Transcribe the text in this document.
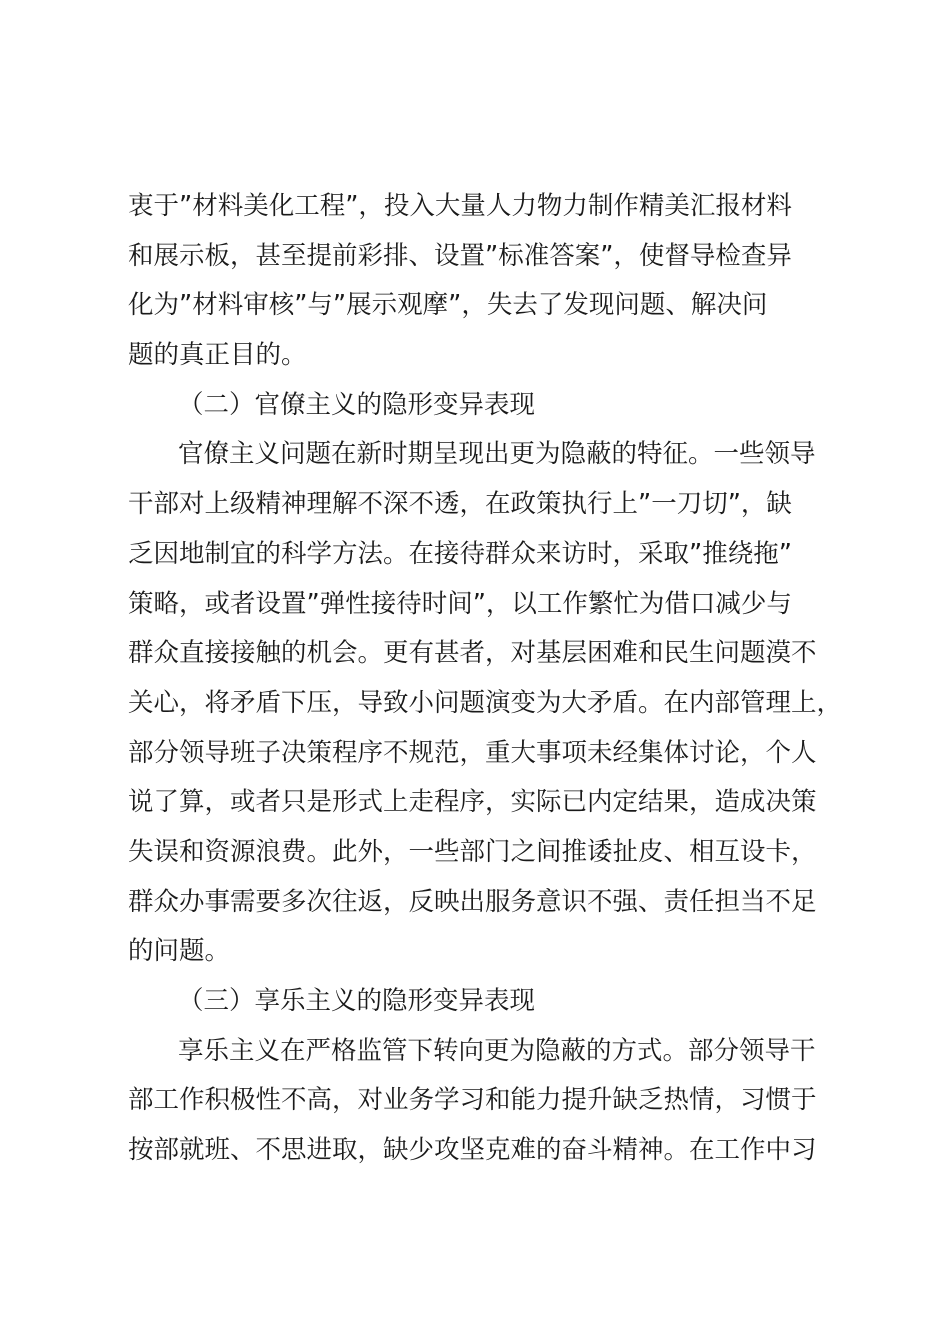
衷于”材料美化工程”，投入大量人力物力制作精美汇报材料
和展示板，甚至提前彩排、设置”标准答案”，使督导检查异
化为”材料审核”与”展示观摩”，失去了发现问题、解决问
题的真正目的。
（二）官僚主义的隐形变异表现
官僚主义问题在新时期呈现出更为隐蔽的特征。一些领导
干部对上级精神理解不深不透，在政策执行上”一刀切”，缺
乏因地制宜的科学方法。在接待群众来访时，采取”推绕拖”
策略，或者设置”弹性接待时间”，以工作繁忙为借口减少与
群众直接接触的机会。更有甚者，对基层困难和民生问题漠不
关心，将矛盾下压，导致小问题演变为大矛盾。在内部管理上，
部分领导班子决策程序不规范，重大事项未经集体讨论，个人
说了算，或者只是形式上走程序，实际已内定结果，造成决策
失误和资源浪费。此外，一些部门之间推诿扯皮、相互设卡，
群众办事需要多次往返，反映出服务意识不强、责任担当不足
的问题。
（三）享乐主义的隐形变异表现
享乐主义在严格监管下转向更为隐蔽的方式。部分领导干
部工作积极性不高，对业务学习和能力提升缺乏热情，习惯于
按部就班、不思进取，缺少攻坚克难的奋斗精神。在工作中习
